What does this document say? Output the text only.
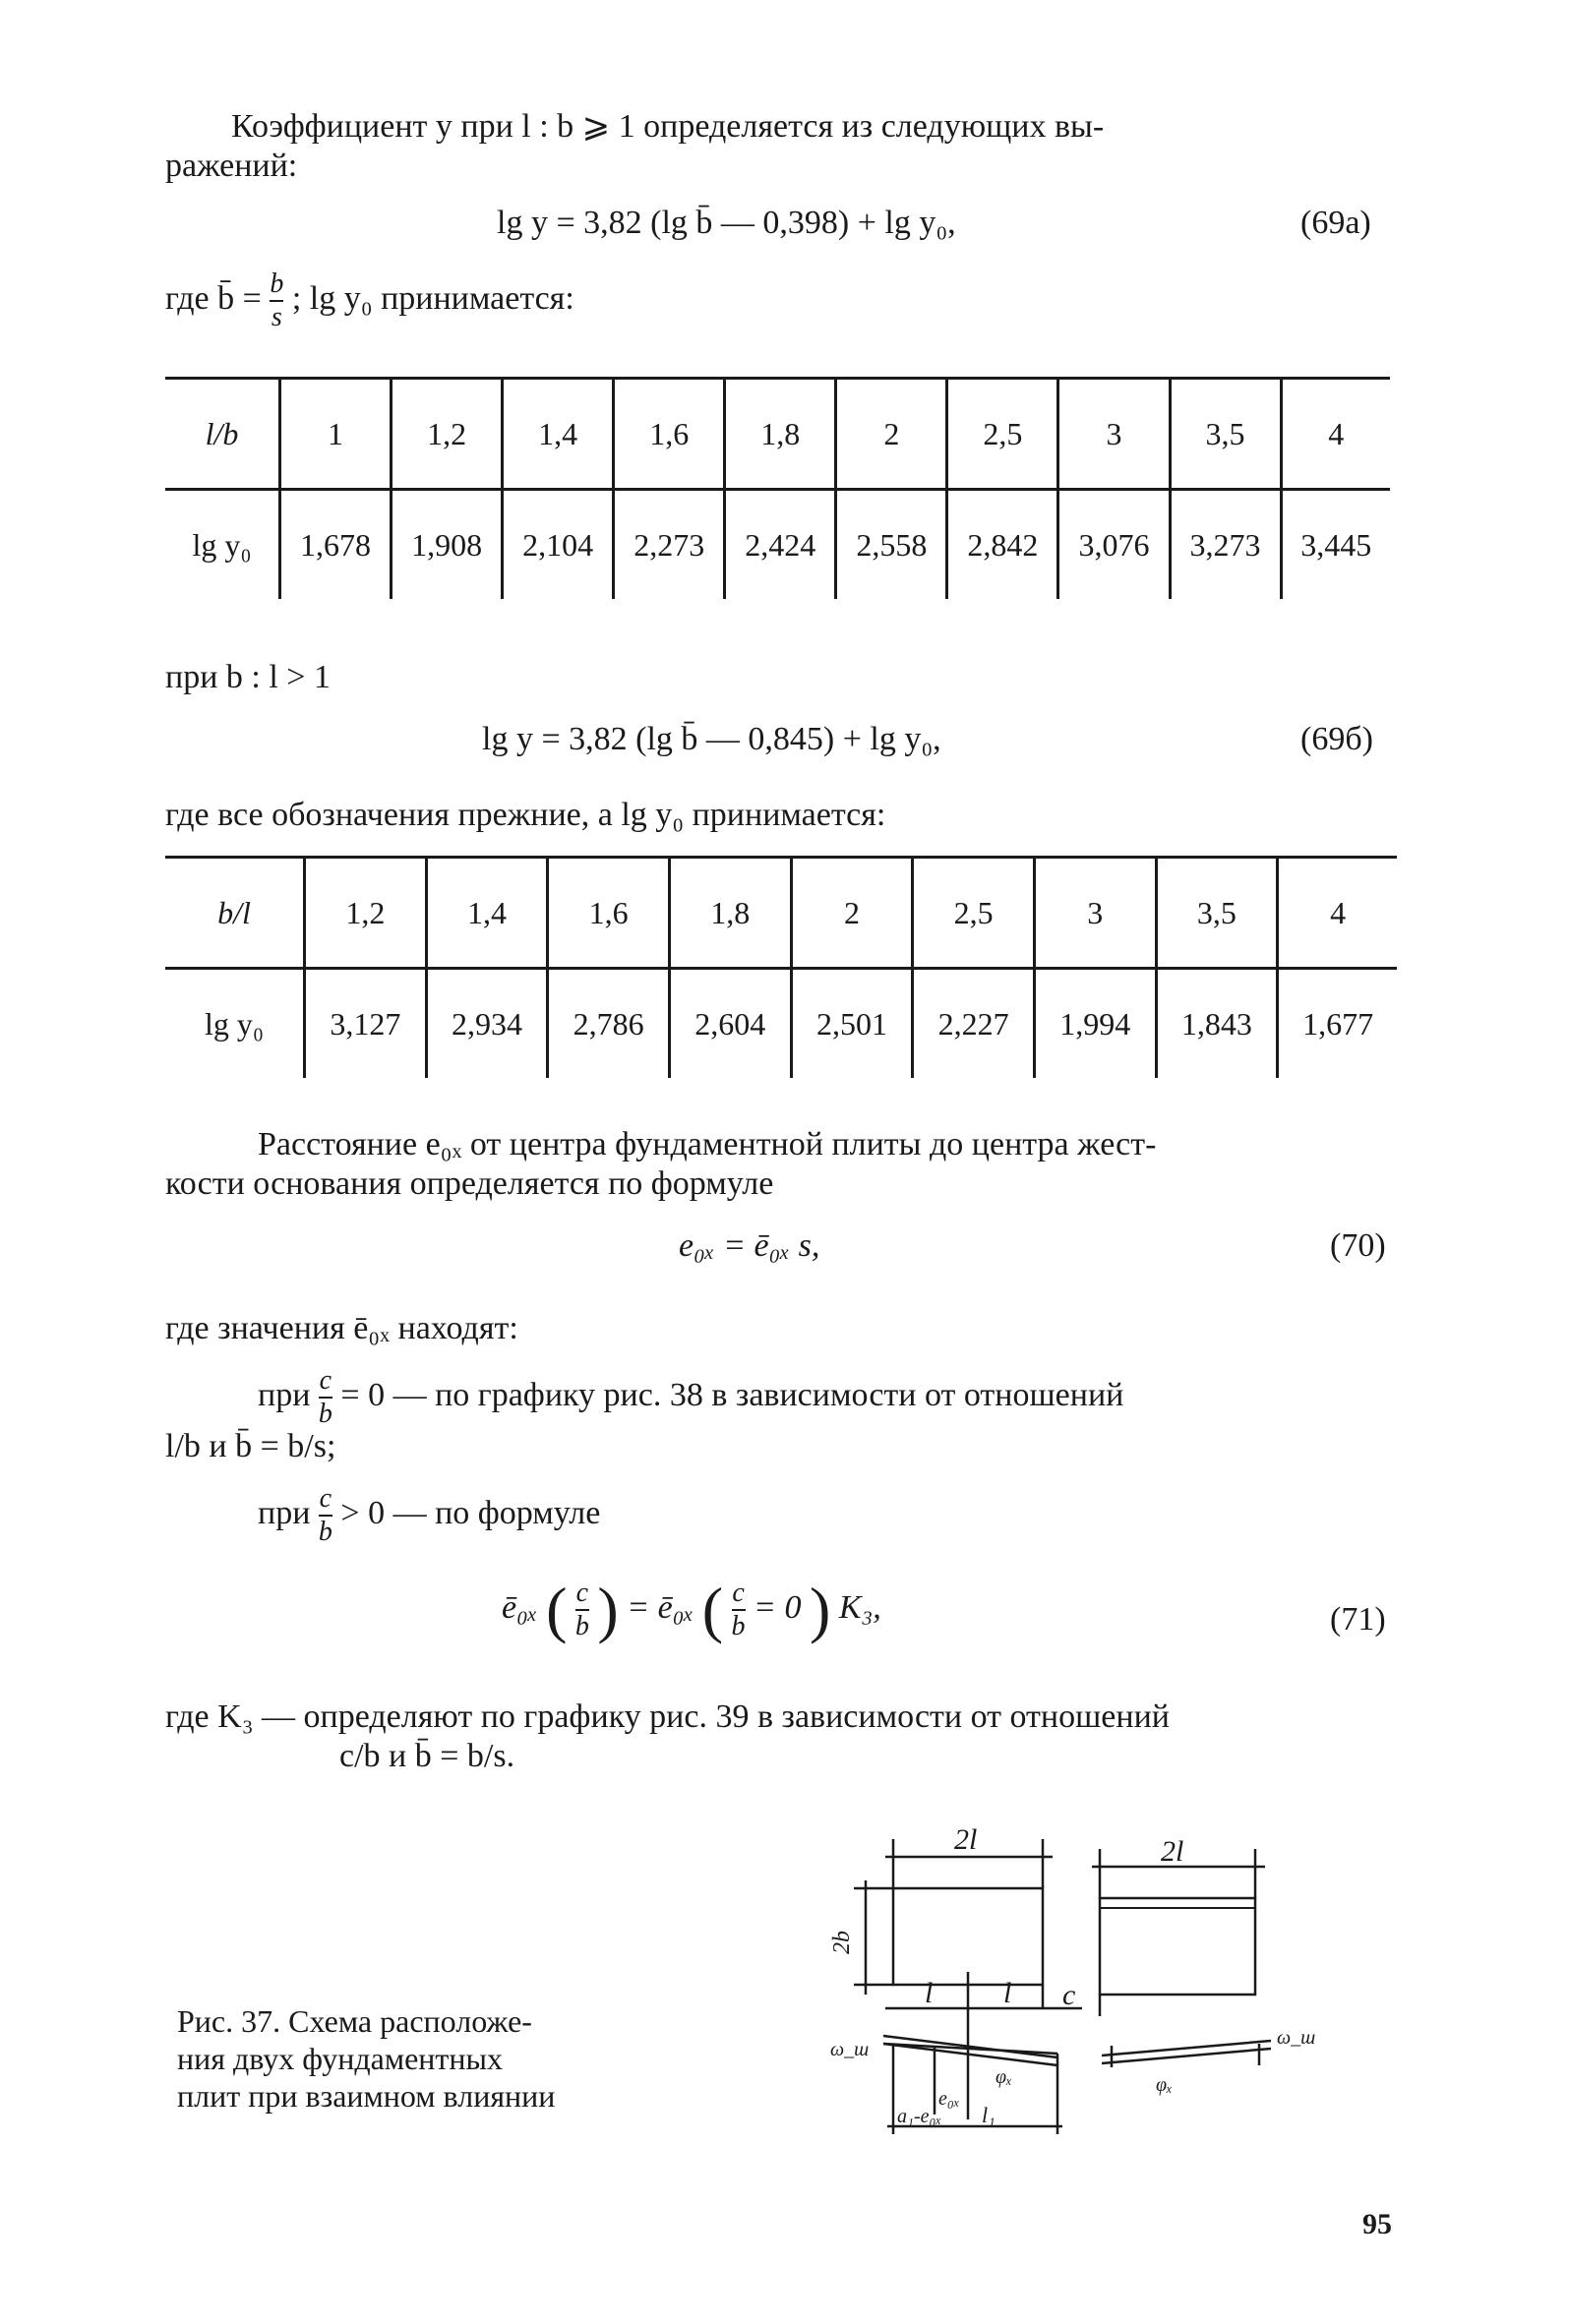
Коэффициент y при l : b ⩾ 1 определяется из следующих вы-
ражений:
lg y = 3,82 (lg b̄ — 0,398) + lg y₀,	(69а)
где b̄ = $\frac{b}{s}$ ; lg y₀ принимается:
l/b	1	1,2	1,4	1,6	1,8	2	2,5	3	3,5	4
lg y₀	1,678	1,908	2,104	2,273	2,424	2,558	2,842	3,076	3,273	3,445
при b : l > 1
lg y = 3,82 (lg b̄ — 0,845) + lg y₀,	(69б)
где все обозначения прежние, а lg y₀ принимается:
b/l	1,2	1,4	1,6	1,8	2	2,5	3	3,5	4
lg y₀	3,127	2,934	2,786	2,604	2,501	2,227	1,994	1,843	1,677
Расстояние e₀ₓ от центра фундаментной плиты до центра жест-
кости основания определяется по формуле
e₀ₓ = ē₀ₓ s,	(70)
где значения ē₀ₓ находят:
при $\frac{c}{b} = 0$ — по графику рис. 38 в зависимости от отношений
l/b и b̄ = b/s;
при $\frac{c}{b} > 0$ — по формуле
ē₀ₓ ( $\frac{c}{b}$ ) = ē₀ₓ ( $\frac{c}{b} = 0$ ) K₃,	(71)
где K₃ — определяют по графику рис. 39 в зависимости от отношений
c/b и b̄ = b/s.
Рис. 37. Схема расположе-
ния двух фундаментных
плит при взаимном влиянии
2l	2l
2b
l l c
ω_ш
ω_ш
e₀ₓ
φₓ	φₓ
a₁-e₀ₓ l₁
95
